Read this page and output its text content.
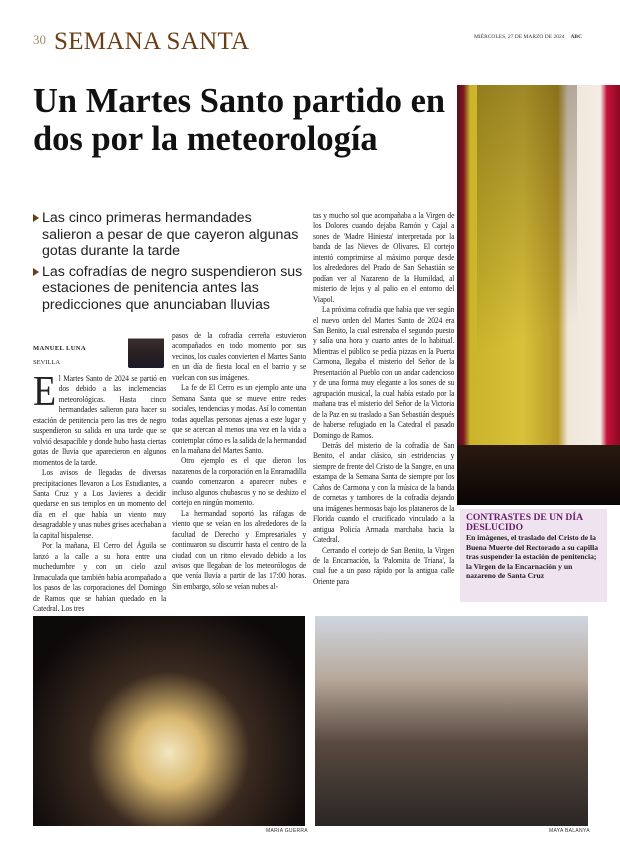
30 SEMANA SANTA	MIÉRCOLES, 27 DE MARZO DE 2024 ABC
Un Martes Santo partido en dos por la meteorología
Las cinco primeras hermandades salieron a pesar de que cayeron algunas gotas durante la tarde
Las cofradías de negro suspendieron sus estaciones de penitencia antes las predicciones que anunciaban lluvias
MANUEL LUNA
SEVILLA

El Martes Santo de 2024 se partió en dos debido a las inclemencias meteorológicas. Hasta cinco hermandades salieron para hacer su estación de penitencia pero las tres de negro suspendieron su salida en una tarde que se volvió desapacible y donde hubo hasta ciertas gotas de lluvia que aparecieron en algunos momentos de la tarde.

Los avisos de llegadas de diversas precipitaciones llevaron a Los Estudiantes, a Santa Cruz y a Los Javieres a decidir quedarse en sus templos en un momento del día en el que había un viento muy desagradable y unas nubes grises acechaban a la capital hispalense.

Por la mañana, El Cerro del Águila se lanzó a la calle a su hora entre una muchedumbre y con un cielo azul Inmaculada que también había acompañado a los pasos de las corporaciones del Domingo de Ramos que se habían quedado en la Catedral. Los tres

pasos de la cofradía cerreña estuvieron acompañados en todo momento por sus vecinos, los cuales convierten el Martes Santo en un día de fiesta local en el barrio y se vuelcan con sus imágenes.

La fe de El Cerro es un ejemplo ante una Semana Santa que se mueve entre redes sociales, tendencias y modas. Así lo comentan todas aquellas personas ajenas a este lugar y que se acercan al menos una vez en la vida a contemplar cómo es la salida de la hermandad en la mañana del Martes Santo.

Otro ejemplo es el que dieron los nazarenos de la corporación en la Enramadilla cuando comenzaron a aparecer nubes e incluso algunos chubascos y no se deshizo el cortejo en ningún momento.

La hermandad soportó las ráfagas de viento que se veían en los alrededores de la facultad de Derecho y Empresariales y continuaron su discurrir hasta el centro de la ciudad con un ritmo elevado debido a los avisos que llegaban de los meteorólogos de que venía lluvia a partir de las 17:00 horas. Sin embargo, sólo se veían nubes al-

tas y mucho sol que acompañaba a la Virgen de los Dolores cuando dejaba Ramón y Cajal a sones de 'Madre Hiniesta' interpretada por la banda de las Nieves de Olivares. El cortejo intentó comprimirse al máximo porque desde los alrededores del Prado de San Sebastián se podían ver al Nazareno de la Humildad, al misterio de lejos y al palio en el entorno del Viapol.

La próxima cofradía que había que ver según el nuevo orden del Martes Santo de 2024 era San Benito, la cual estrenaba el segundo puesto y salía una hora y cuarto antes de lo habitual. Mientras el público se pedía pizzas en la Puerta Carmona, llegaba el misterio del Señor de la Presentación al Pueblo con un andar cadencioso y de una forma muy elegante a los sones de su agrupación musical, la cual había estado por la mañana tras el misterio del Señor de la Victoria de la Paz en su traslado a San Sebastián después de haberse refugiado en la Catedral el pasado Domingo de Ramos.

Detrás del misterio de la cofradía de San Benito, el andar clásico, sin estridencias y siempre de frente del Cristo de la Sangre, en una estampa de la Semana Santa de siempre por los Caños de Carmona y con la música de la banda de cornetas y tambores de la cofradía dejando una imágenes hermosas bajo los plataneros de la Florida cuando el crucificado vinculado a la antigua Policía Armada marchaba hacia la Catedral.

Cerrando el cortejo de San Benito, la Virgen de la Encarnación, la 'Palomita de Triana', la cual fue a un paso rápido por la antigua calle Oriente para

CONTRASTES DE UN DÍA DESLUCIDO

En imágenes, el traslado del Cristo de la Buena Muerte del Rectorado a su capilla tras suspender la estación de penitencia; la Virgen de la Encarnación y un nazareno de Santa Cruz

MARIA GUERRA	MAYA BALANYA
